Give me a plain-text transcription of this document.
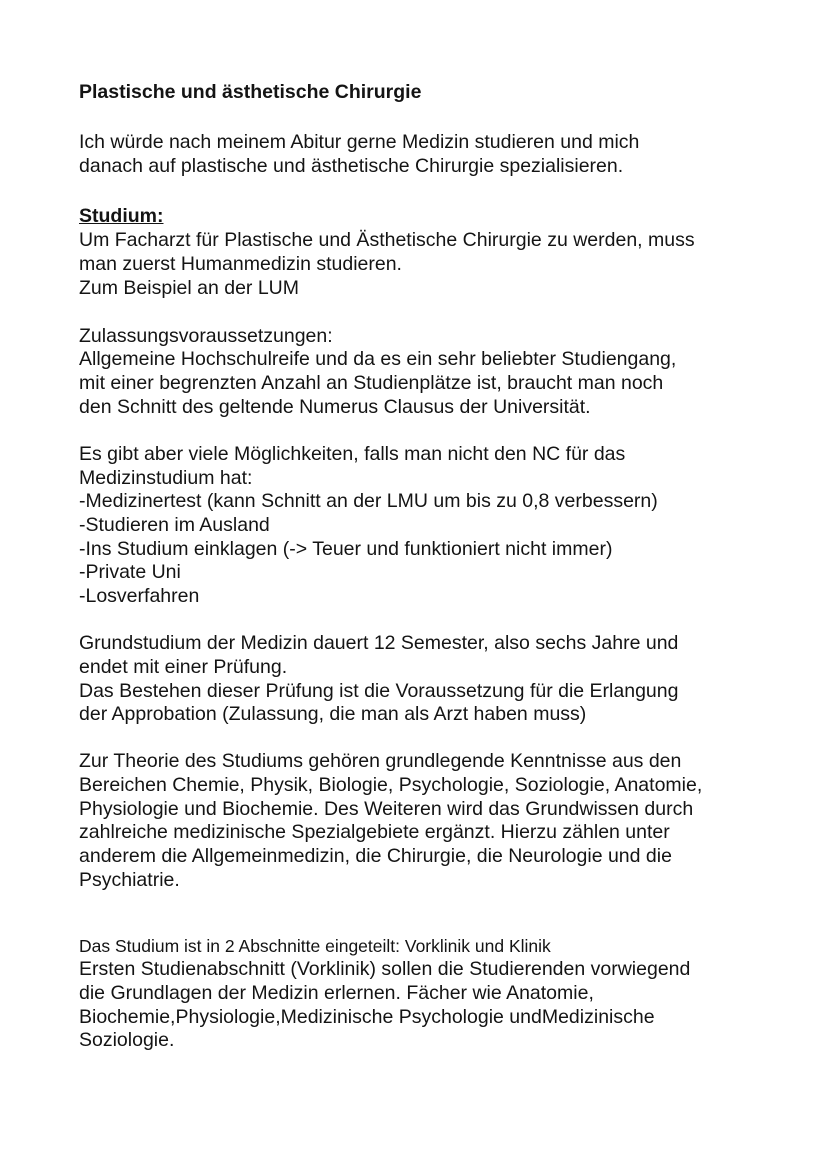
Plastische und ästhetische Chirurgie

Ich würde nach meinem Abitur gerne Medizin studieren und mich

danach auf plastische und ästhetische Chirurgie spezialisieren.

Studium:

Um Facharzt für Plastische und Ästhetische Chirurgie zu werden, muss

man zuerst Humanmedizin studieren.

Zum Beispiel an der LUM

Zulassungsvoraussetzungen:

Allgemeine Hochschulreife und da es ein sehr beliebter Studiengang,

mit einer begrenzten Anzahl an Studienplätze ist, braucht man noch

den Schnitt des geltende Numerus Clausus der Universität.

Es gibt aber viele Möglichkeiten, falls man nicht den NC für das

Medizinstudium hat:

-Medizinertest (kann Schnitt an der LMU um bis zu 0,8 verbessern)

-Studieren im Ausland

-Ins Studium einklagen (-> Teuer und funktioniert nicht immer)

-Private Uni

-Losverfahren

Grundstudium der Medizin dauert 12 Semester, also sechs Jahre und

endet mit einer Prüfung.

Das Bestehen dieser Prüfung ist die Voraussetzung für die Erlangung

der Approbation (Zulassung, die man als Arzt haben muss)

Zur Theorie des Studiums gehören grundlegende Kenntnisse aus den

Bereichen Chemie, Physik, Biologie, Psychologie, Soziologie, Anatomie,

Physiologie und Biochemie. Des Weiteren wird das Grundwissen durch

zahlreiche medizinische Spezialgebiete ergänzt. Hierzu zählen unter

anderem die Allgemeinmedizin, die Chirurgie, die Neurologie und die

Psychiatrie.

Das Studium ist in 2 Abschnitte eingeteilt: Vorklinik und Klinik

Ersten Studienabschnitt (Vorklinik) sollen die Studierenden vorwiegend

die Grundlagen der Medizin erlernen. Fächer wie Anatomie,

Biochemie,Physiologie,Medizinische Psychologie undMedizinische

Soziologie.
